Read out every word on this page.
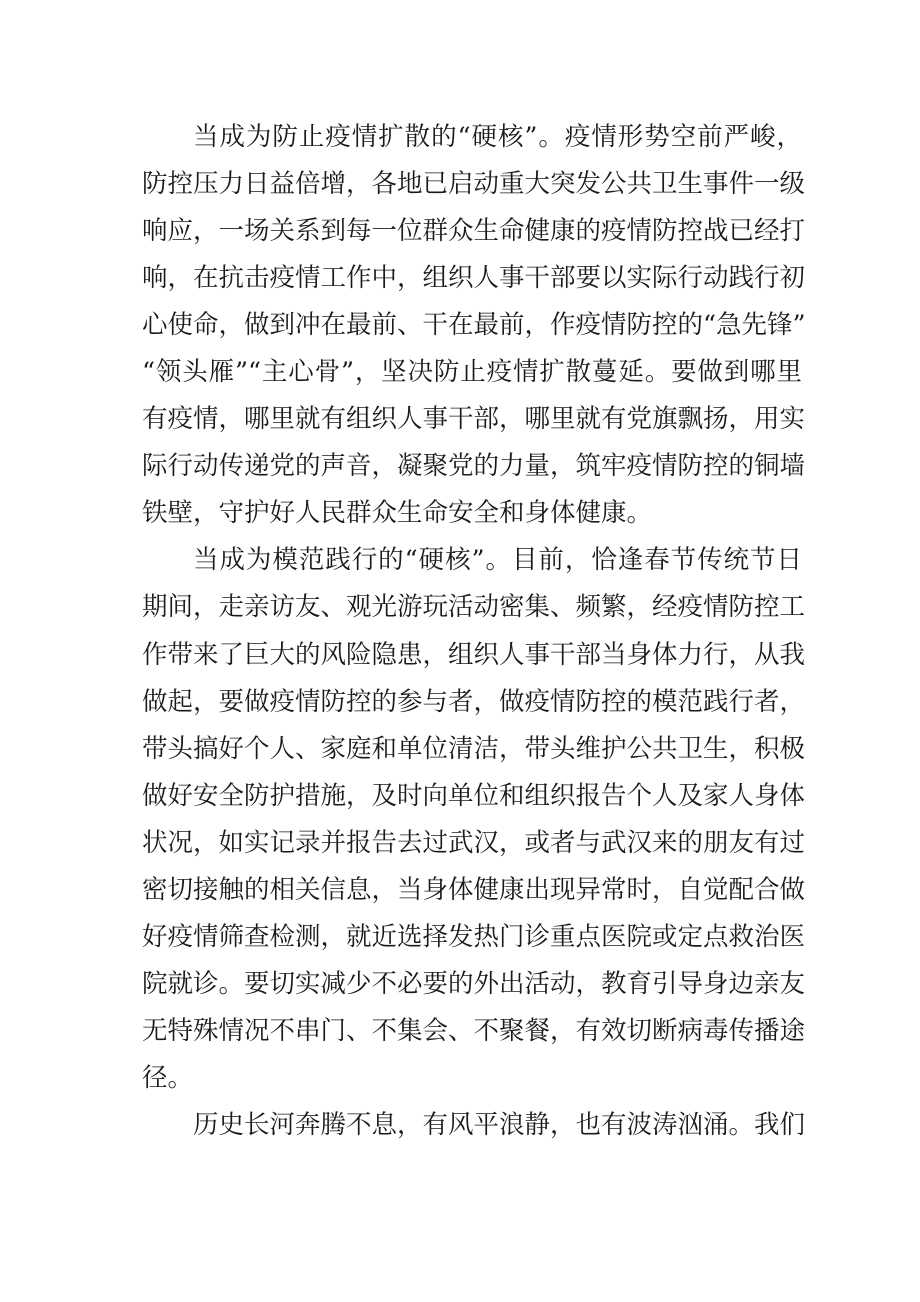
当成为防止疫情扩散的“硬核”。疫情形势空前严峻，
防控压力日益倍增，各地已启动重大突发公共卫生事件一级
响应，一场关系到每一位群众生命健康的疫情防控战已经打
响，在抗击疫情工作中，组织人事干部要以实际行动践行初
心使命，做到冲在最前、干在最前，作疫情防控的“急先锋”
“领头雁”“主心骨”，坚决防止疫情扩散蔓延。要做到哪里
有疫情，哪里就有组织人事干部，哪里就有党旗飘扬，用实
际行动传递党的声音，凝聚党的力量，筑牢疫情防控的铜墙
铁壁，守护好人民群众生命安全和身体健康。
当成为模范践行的“硬核”。目前，恰逢春节传统节日
期间，走亲访友、观光游玩活动密集、频繁，经疫情防控工
作带来了巨大的风险隐患，组织人事干部当身体力行，从我
做起，要做疫情防控的参与者，做疫情防控的模范践行者，
带头搞好个人、家庭和单位清洁，带头维护公共卫生，积极
做好安全防护措施，及时向单位和组织报告个人及家人身体
状况，如实记录并报告去过武汉，或者与武汉来的朋友有过
密切接触的相关信息，当身体健康出现异常时，自觉配合做
好疫情筛查检测，就近选择发热门诊重点医院或定点救治医
院就诊。要切实减少不必要的外出活动，教育引导身边亲友
无特殊情况不串门、不集会、不聚餐，有效切断病毒传播途
径。
历史长河奔腾不息，有风平浪静，也有波涛汹涌。我们
